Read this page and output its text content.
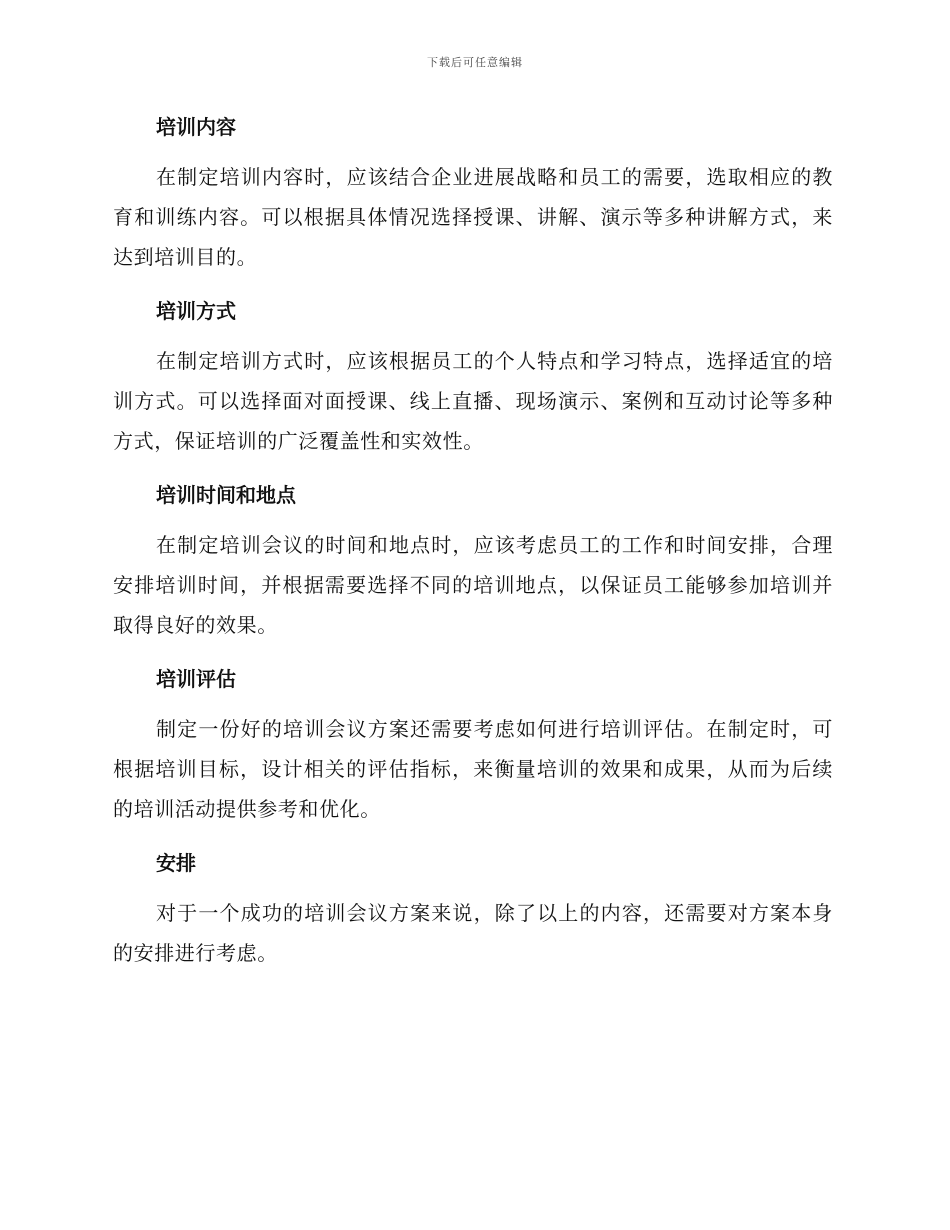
下载后可任意编辑
培训内容

在制定培训内容时，应该结合企业进展战略和员工的需要，选取相应的教育和训练内容。可以根据具体情况选择授课、讲解、演示等多种讲解方式，来达到培训目的。

培训方式

在制定培训方式时，应该根据员工的个人特点和学习特点，选择适宜的培训方式。可以选择面对面授课、线上直播、现场演示、案例和互动讨论等多种方式，保证培训的广泛覆盖性和实效性。

培训时间和地点

在制定培训会议的时间和地点时，应该考虑员工的工作和时间安排，合理安排培训时间，并根据需要选择不同的培训地点，以保证员工能够参加培训并取得良好的效果。

培训评估

制定一份好的培训会议方案还需要考虑如何进行培训评估。在制定时，可根据培训目标，设计相关的评估指标，来衡量培训的效果和成果，从而为后续的培训活动提供参考和优化。

安排

对于一个成功的培训会议方案来说，除了以上的内容，还需要对方案本身的安排进行考虑。
